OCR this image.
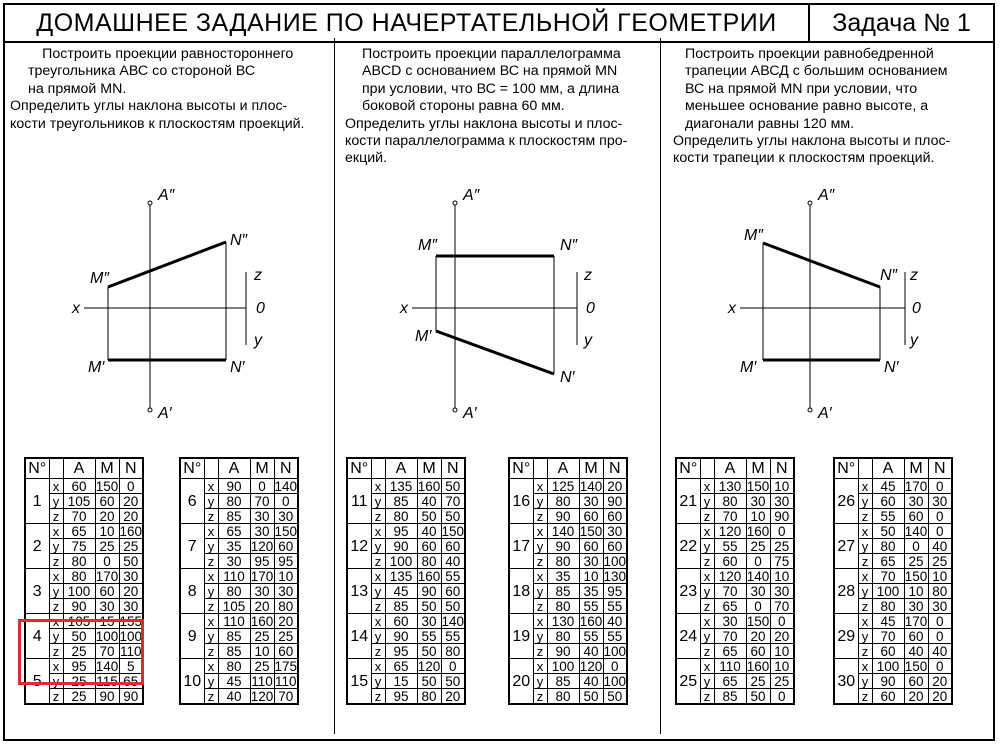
ДОМАШНЕЕ ЗАДАНИЕ ПО НАЧЕРТАТЕЛЬНОЙ ГЕОМЕТРИИ	Задача № 1
Построить проекции равностороннего
треугольника АВС со стороной ВС
на прямой MN.
Определить углы наклона высоты и плос-
кости треугольников к плоскостям проекций.
Построить проекции параллелограмма
ABCD с основанием ВС на прямой MN
при условии, что ВС = 100 мм, а длина
боковой стороны равна 60 мм.
Определить углы наклона высоты и плос-
кости параллелограмма к плоскостям про-
екций.
Построить проекции равнобедренной
трапеции АВСД с большим основанием
ВС на прямой MN при условии, что
меньшее основание равно высоте, а
диагонали равны 120 мм.
Определить углы наклона высоты и плос-
кости трапеции к плоскостям проекций.
A″
A′
M″
M′
N″
N′
x
z
0
y
A″
A′
M″
M′
N″
N′
x
z
0
y
A″
A′
M″
M′
N″
N′
x
z
0
y
N°		A	M	N
1	x	60	150	0
	y	105	60	20
	z	70	20	20
2	x	65	10	160
	y	75	25	25
	z	80	0	50
3	x	80	170	30
	y	100	60	20
	z	90	30	30
4	x	105	15	155
	y	50	100	100
	z	25	70	110
5	x	95	140	5
	y	25	115	65
	z	25	90	90
N°		A	M	N
6	x	90	0	140
	y	80	70	0
	z	85	30	30
7	x	65	30	150
	y	35	120	60
	z	30	95	95
8	x	110	170	10
	y	80	30	30
	z	105	20	80
9	x	110	160	20
	y	85	25	25
	z	85	10	60
10	x	80	25	175
	y	45	110	110
	z	40	120	70
N°		A	M	N
11	x	135	160	50
	y	85	40	70
	z	80	50	50
12	x	95	40	150
	y	90	60	60
	z	100	80	40
13	x	135	160	55
	y	45	90	60
	z	85	50	50
14	x	60	30	140
	y	90	55	55
	z	95	50	80
15	x	65	120	0
	y	15	50	50
	z	95	80	20
N°		A	M	N
16	x	125	140	20
	y	80	30	90
	z	90	60	60
17	x	140	150	30
	y	90	60	60
	z	80	30	100
18	x	35	10	130
	y	85	35	95
	z	80	55	55
19	x	130	160	40
	y	80	55	55
	z	90	40	100
20	x	100	120	0
	y	85	40	100
	z	80	50	50
N°		A	M	N
21	x	130	150	10
	y	80	30	30
	z	70	10	90
22	x	120	160	0
	y	55	25	25
	z	60	0	75
23	x	120	140	10
	y	70	30	30
	z	65	0	70
24	x	30	150	0
	y	70	20	20
	z	65	60	10
25	x	110	160	10
	y	65	25	25
	z	85	50	0
N°		A	M	N
26	x	45	170	0
	y	60	30	30
	z	55	60	0
27	x	50	140	0
	y	80	0	40
	z	65	25	25
28	x	70	150	10
	y	100	10	80
	z	80	30	30
29	x	45	170	0
	y	70	60	0
	z	60	40	40
30	x	100	150	0
	y	90	60	20
	z	60	20	20
